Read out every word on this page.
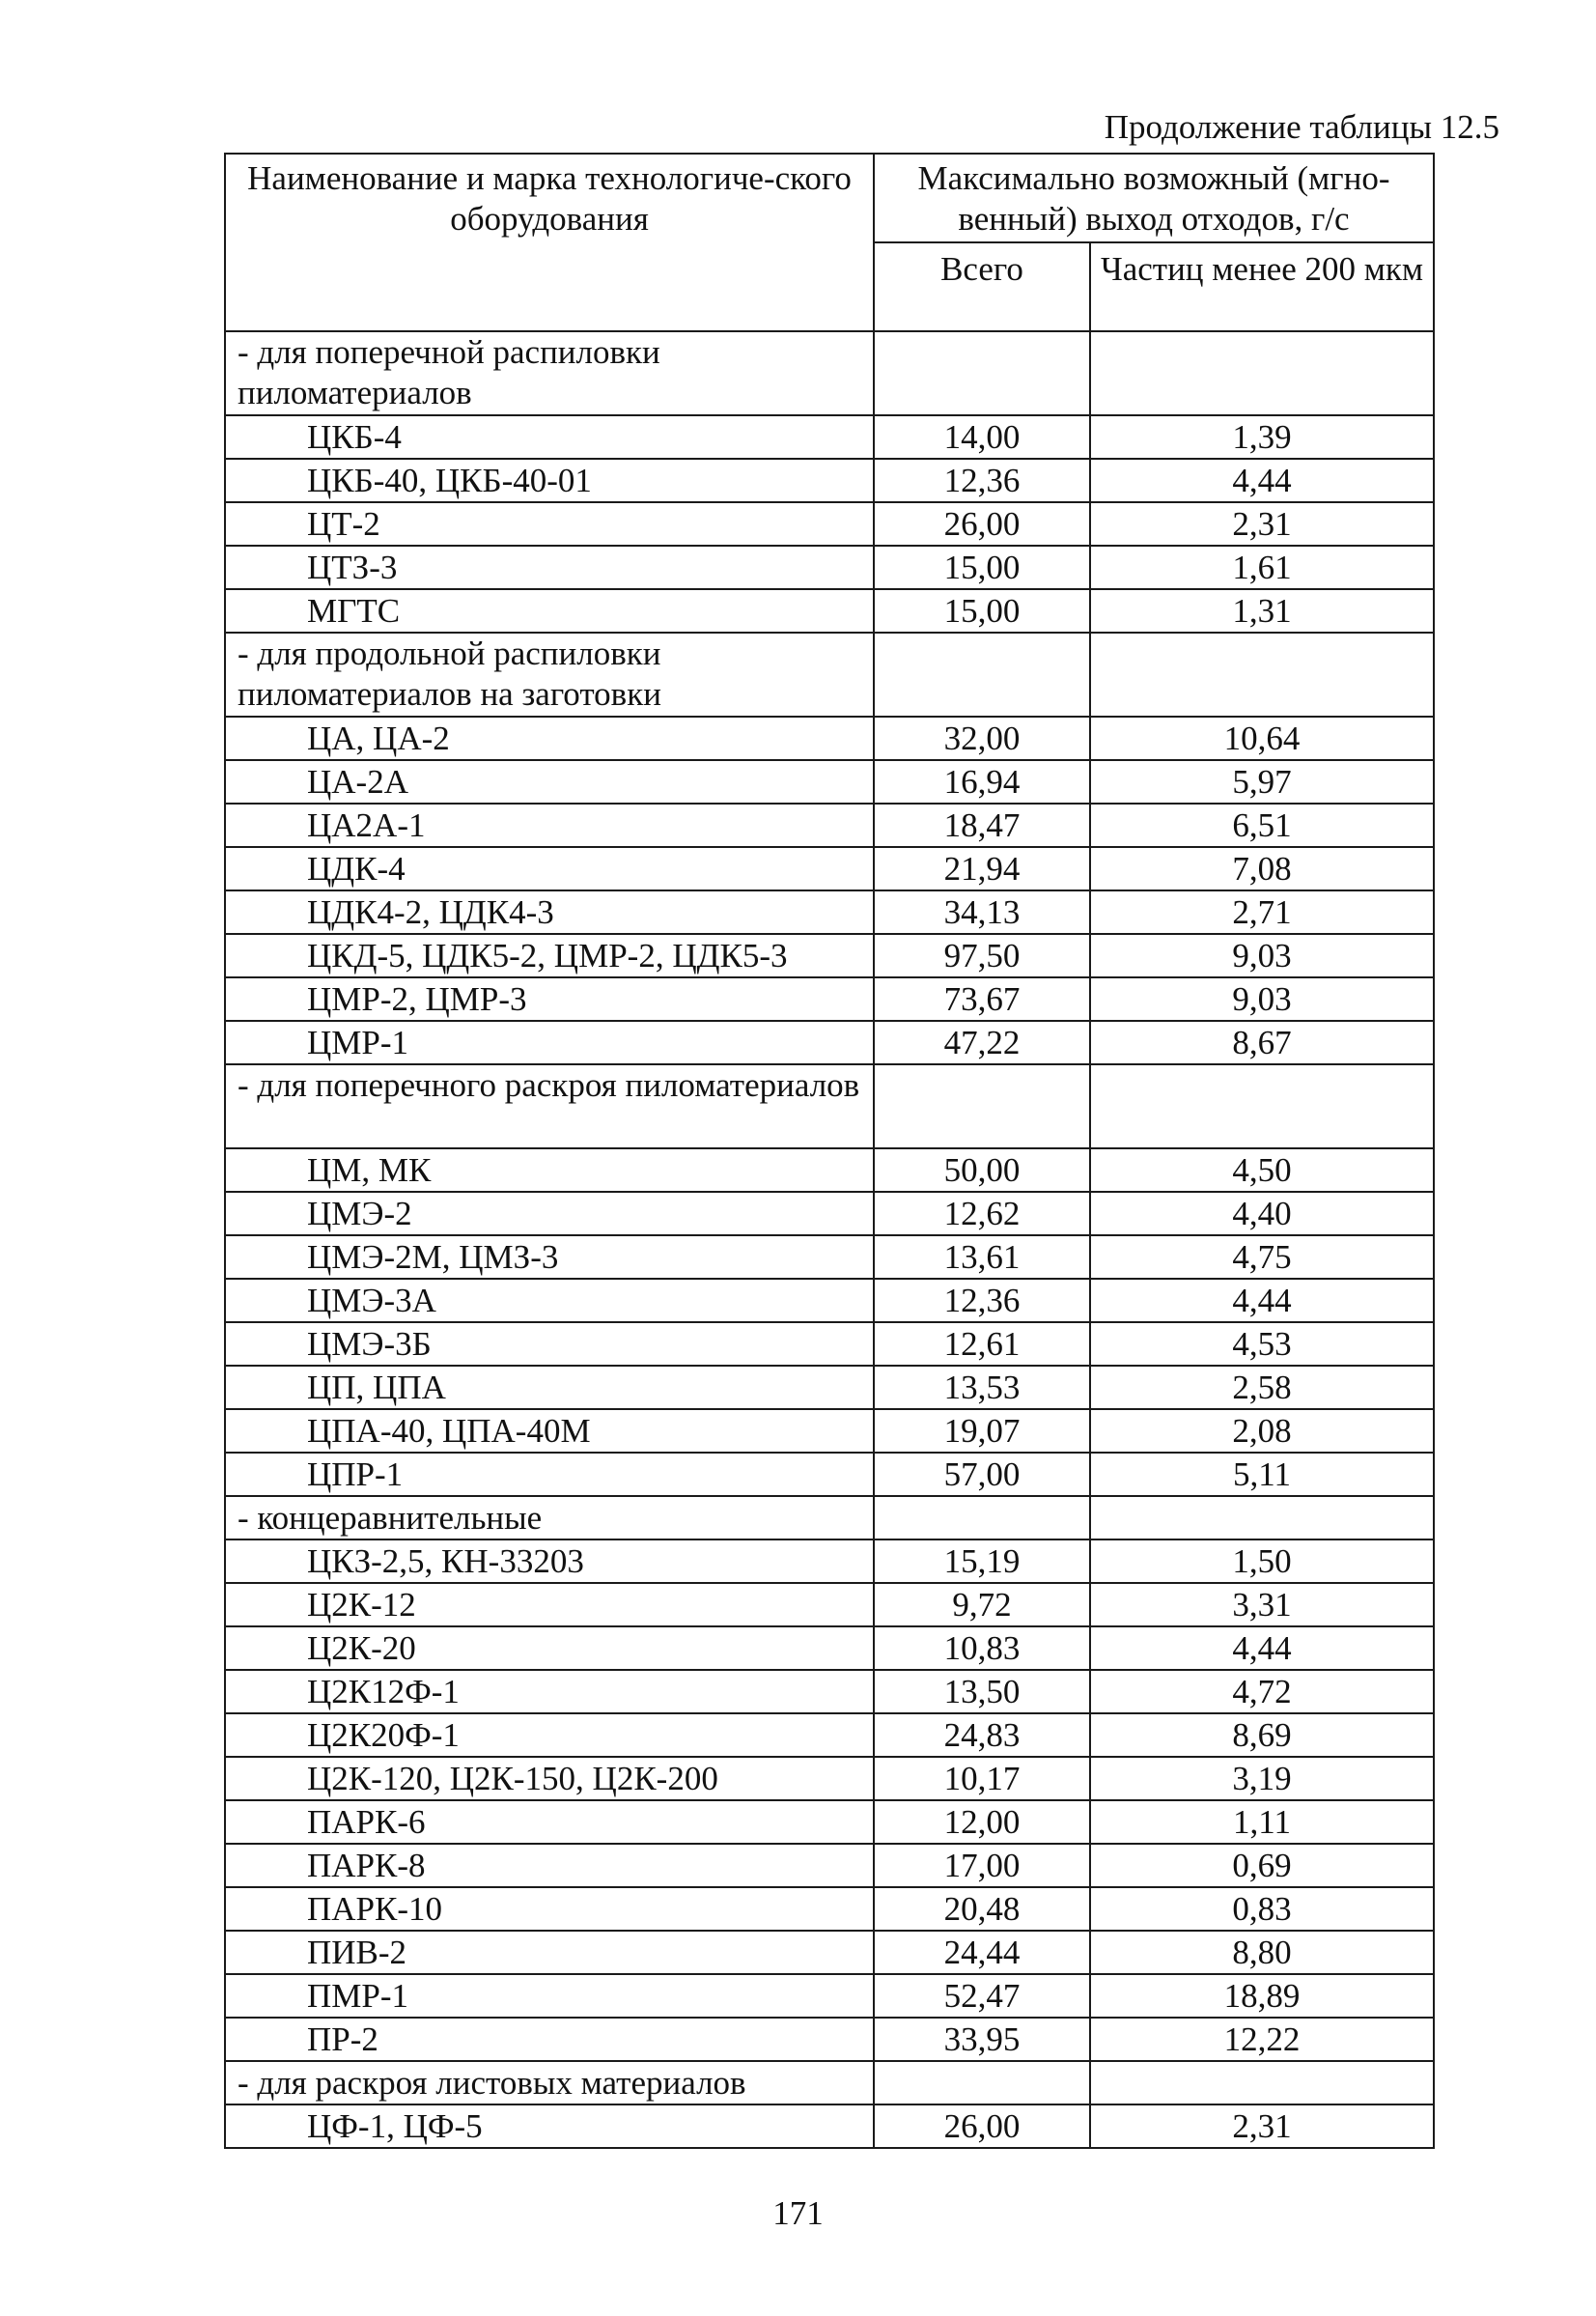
Продолжение таблицы 12.5
Наименование и марка технологиче-ского оборудования	Максимально возможный (мгно-венный) выход отходов, г/с	
	Всего	Частиц менее 200 мкм
- для поперечной распиловки пиломатериалов		
ЦКБ-4	14,00	1,39
ЦКБ-40, ЦКБ-40-01	12,36	4,44
ЦТ-2	26,00	2,31
ЦТЗ-3	15,00	1,61
МГТС	15,00	1,31
- для продольной распиловки пиломатериалов на заготовки		
ЦА, ЦА-2	32,00	10,64
ЦА-2А	16,94	5,97
ЦА2А-1	18,47	6,51
ЦДК-4	21,94	7,08
ЦДК4-2, ЦДК4-3	34,13	2,71
ЦКД-5, ЦДК5-2, ЦМР-2, ЦДК5-3	97,50	9,03
ЦМР-2, ЦМР-3	73,67	9,03
ЦМР-1	47,22	8,67
- для поперечного раскроя пиломатериалов		
ЦМ, МК	50,00	4,50
ЦМЭ-2	12,62	4,40
ЦМЭ-2М, ЦМЗ-3	13,61	4,75
ЦМЭ-3А	12,36	4,44
ЦМЭ-3Б	12,61	4,53
ЦП, ЦПА	13,53	2,58
ЦПА-40, ЦПА-40М	19,07	2,08
ЦПР-1	57,00	5,11
- концеравнительные		
ЦКЗ-2,5, КН-33203	15,19	1,50
Ц2К-12	9,72	3,31
Ц2К-20	10,83	4,44
Ц2К12Ф-1	13,50	4,72
Ц2К20Ф-1	24,83	8,69
Ц2К-120, Ц2К-150, Ц2К-200	10,17	3,19
ПАРК-6	12,00	1,11
ПАРК-8	17,00	0,69
ПАРК-10	20,48	0,83
ПИВ-2	24,44	8,80
ПМР-1	52,47	18,89
ПР-2	33,95	12,22
- для раскроя листовых материалов		
ЦФ-1, ЦФ-5	26,00	2,31
171
